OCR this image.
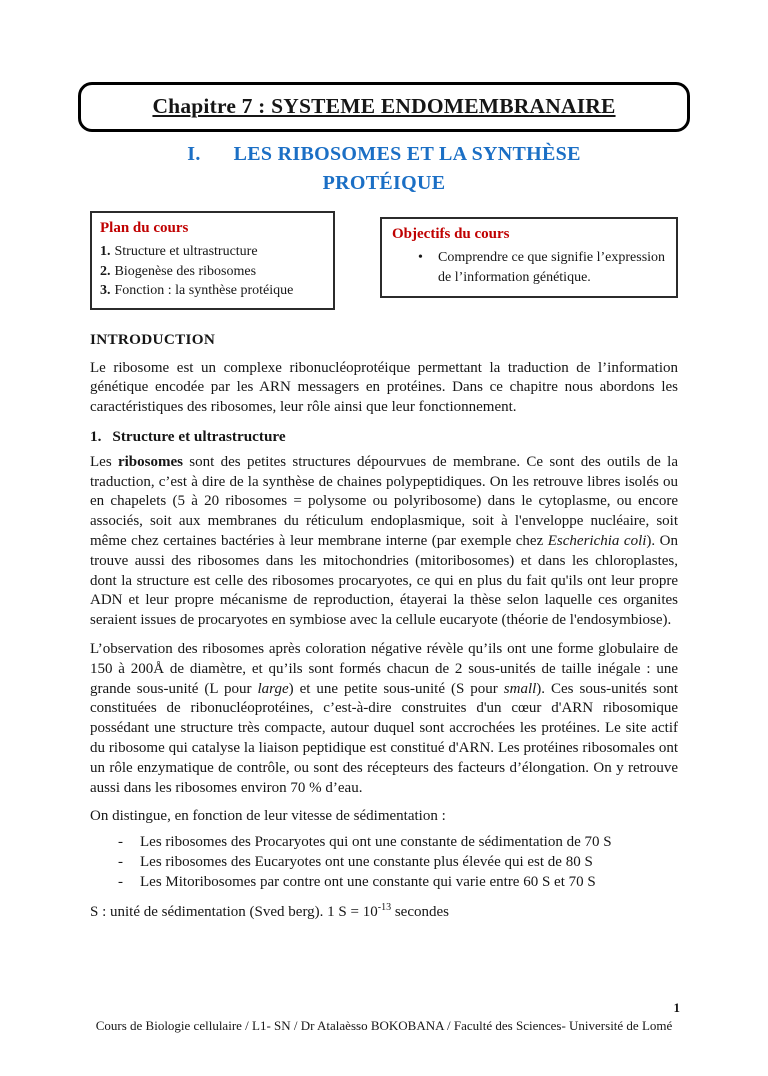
Chapitre 7 : SYSTEME ENDOMEMBRANAIRE
I. LES RIBOSOMES ET LA SYNTHÈSE
PROTÉIQUE
Plan du cours
1. Structure et ultrastructure
2. Biogenèse des ribosomes
3. Fonction : la synthèse protéique
Objectifs du cours
• Comprendre ce que signifie l’expression de l’information génétique.
INTRODUCTION

Le ribosome est un complexe ribonucléoprotéique permettant la traduction de l’information génétique encodée par les ARN messagers en protéines. Dans ce chapitre nous abordons les caractéristiques des ribosomes, leur rôle ainsi que leur fonctionnement.

1. Structure et ultrastructure

Les ribosomes sont des petites structures dépourvues de membrane. Ce sont des outils de la traduction, c’est à dire de la synthèse de chaines polypeptidiques. On les retrouve libres isolés ou en chapelets (5 à 20 ribosomes = polysome ou polyribosome) dans le cytoplasme, ou encore associés, soit aux membranes du réticulum endoplasmique, soit à l'enveloppe nucléaire, soit même chez certaines bactéries à leur membrane interne (par exemple chez Escherichia coli). On trouve aussi des ribosomes dans les mitochondries (mitoribosomes) et dans les chloroplastes, dont la structure est celle des ribosomes procaryotes, ce qui en plus du fait qu'ils ont leur propre ADN et leur propre mécanisme de reproduction, étayerai la thèse selon laquelle ces organites seraient issues de procaryotes en symbiose avec la cellule eucaryote (théorie de l'endosymbiose).

L’observation des ribosomes après coloration négative révèle qu’ils ont une forme globulaire de 150 à 200Å de diamètre, et qu’ils sont formés chacun de 2 sous-unités de taille inégale : une grande sous-unité (L pour large) et une petite sous-unité (S pour small). Ces sous-unités sont constituées de ribonucléoprotéines, c’est-à-dire construites d'un cœur d'ARN ribosomique possédant une structure très compacte, autour duquel sont accrochées les protéines. Le site actif du ribosome qui catalyse la liaison peptidique est constitué d'ARN. Les protéines ribosomales ont un rôle enzymatique de contrôle, ou sont des récepteurs des facteurs d’élongation. On y retrouve aussi dans les ribosomes environ 70 % d’eau.

On distingue, en fonction de leur vitesse de sédimentation :

- Les ribosomes des Procaryotes qui ont une constante de sédimentation de 70 S
- Les ribosomes des Eucaryotes ont une constante plus élevée qui est de 80 S
- Les Mitoribosomes par contre ont une constante qui varie entre 60 S et 70 S

S : unité de sédimentation (Sved berg). 1 $S = 10^{-13}$ secondes

1
Cours de Biologie cellulaire / L1- SN / Dr Atalaèsso BOKOBANA / Faculté des Sciences- Université de Lomé
